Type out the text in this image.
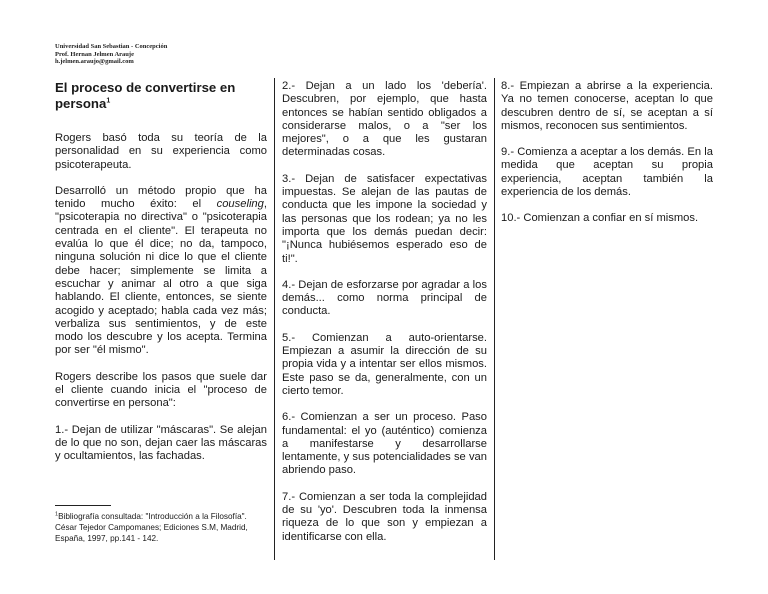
Universidad San Sebastian - Concepción
Prof. Hernan Jelmen Arauje
h.jelmen.araujo@gmail.com
El proceso de convertirse en persona$^1$

Rogers basó toda su teoría de la personalidad en su experiencia como psicoterapeuta.

Desarrolló un método propio que ha tenido mucho éxito: el couseling, "psicoterapia no directiva" o "psicoterapia centrada en el cliente". El terapeuta no evalúa lo que él dice; no da, tampoco, ninguna solución ni dice lo que el cliente debe hacer; simplemente se limita a escuchar y animar al otro a que siga hablando. El cliente, entonces, se siente acogido y aceptado; habla cada vez más; verbaliza sus sentimientos, y de este modo los descubre y los acepta. Termina por ser "él mismo".

Rogers describe los pasos que suele dar el cliente cuando inicia el "proceso de convertirse en persona":

1.- Dejan de utilizar "máscaras". Se alejan de lo que no son, dejan caer las máscaras y ocultamientos, las fachadas.

2.- Dejan a un lado los 'debería'. Descubren, por ejemplo, que hasta entonces se habían sentido obligados a considerarse malos, o a "ser los mejores", o a que les gustaran determinadas cosas.

3.- Dejan de satisfacer expectativas impuestas. Se alejan de las pautas de conducta que les impone la sociedad y las personas que los rodean; ya no les importa que los demás puedan decir: "¡Nunca hubiésemos esperado eso de ti!".

4.- Dejan de esforzarse por agradar a los demás... como norma principal de conducta.

5.- Comienzan a auto-orientarse. Empiezan a asumir la dirección de su propia vida y a intentar ser ellos mismos. Este paso se da, generalmente, con un cierto temor.

6.- Comienzan a ser un proceso. Paso fundamental: el yo (auténtico) comienza a manifestarse y desarrollarse lentamente, y sus potencialidades se van abriendo paso.

7.- Comienzan a ser toda la complejidad de su 'yo'. Descubren toda la inmensa riqueza de lo que son y empiezan a identificarse con ella.

8.- Empiezan a abrirse a la experiencia. Ya no temen conocerse, aceptan lo que descubren dentro de sí, se aceptan a sí mismos, reconocen sus sentimientos.

9.- Comienza a aceptar a los demás. En la medida que aceptan su propia experiencia, aceptan también la experiencia de los demás.

10.- Comienzan a confiar en sí mismos.

$^1$Bibliografía consultada: "Introducción a la Filosofía". César Tejedor Campomanes; Ediciones S.M, Madrid, España, 1997, pp.141 - 142.
